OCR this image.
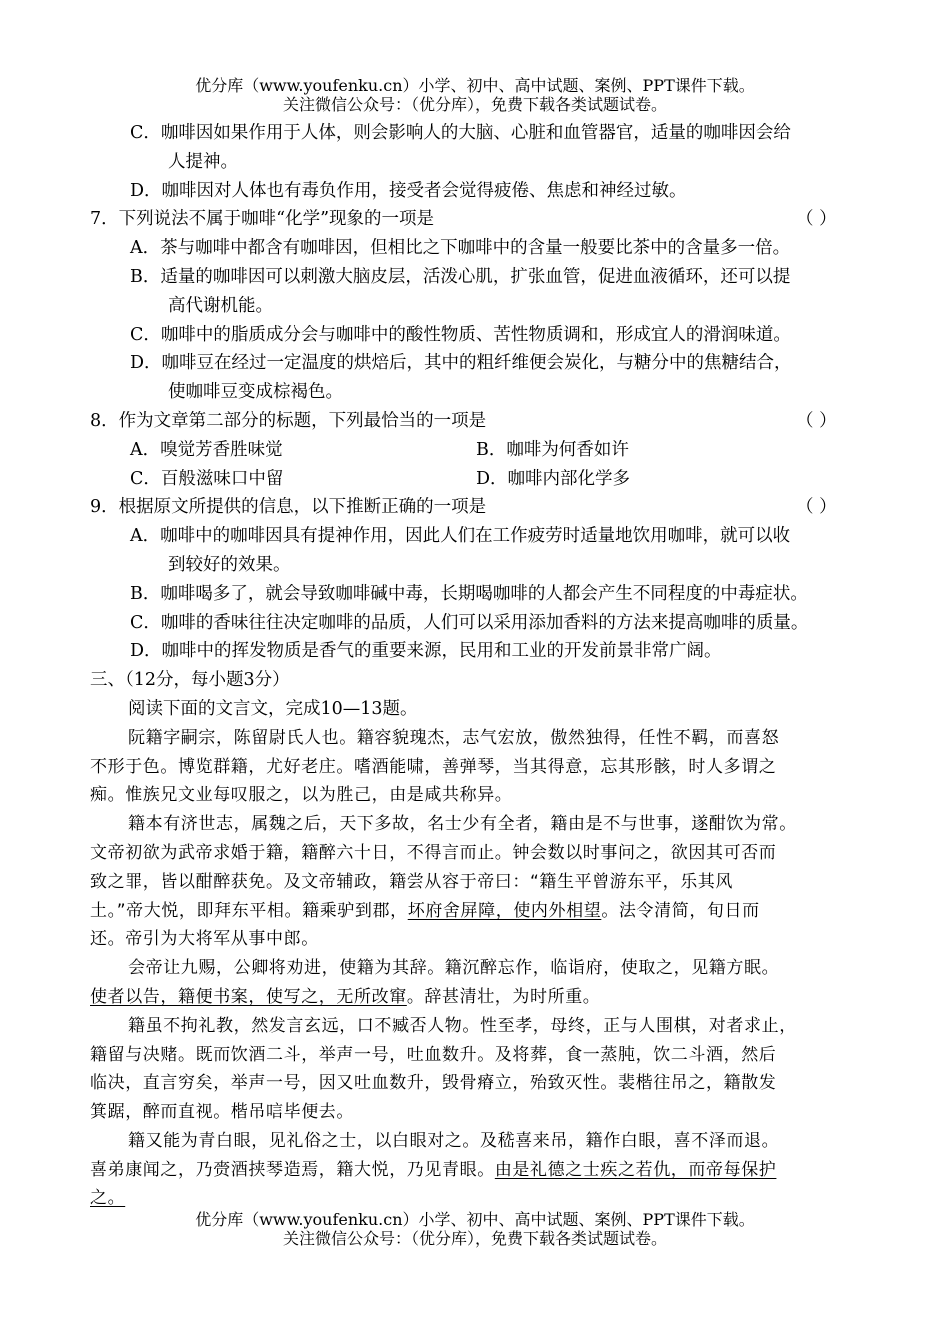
优分库（www.youfenku.cn）小学、初中、高中试题、案例、PPT课件下载。
关注微信公众号：（优分库），免费下载各类试题试卷。
C．咖啡因如果作用于人体，则会影响人的大脑、心脏和血管器官，适量的咖啡因会给
人提神。
D．咖啡因对人体也有毒负作用，接受者会觉得疲倦、焦虑和神经过敏。
7．下列说法不属于咖啡“化学”现象的一项是	（ ）
A．茶与咖啡中都含有咖啡因，但相比之下咖啡中的含量一般要比茶中的含量多一倍。
B．适量的咖啡因可以刺激大脑皮层，活泼心肌，扩张血管，促进血液循环，还可以提
高代谢机能。
C．咖啡中的脂质成分会与咖啡中的酸性物质、苦性物质调和，形成宜人的滑润味道。
D．咖啡豆在经过一定温度的烘焙后，其中的粗纤维便会炭化，与糖分中的焦糖结合，
使咖啡豆变成棕褐色。
8．作为文章第二部分的标题，下列最恰当的一项是	（ ）
A．嗅觉芳香胜味觉	B．咖啡为何香如许
C．百般滋味口中留	D．咖啡内部化学多
9．根据原文所提供的信息，以下推断正确的一项是	（ ）
A．咖啡中的咖啡因具有提神作用，因此人们在工作疲劳时适量地饮用咖啡，就可以收
到较好的效果。
B．咖啡喝多了，就会导致咖啡碱中毒，长期喝咖啡的人都会产生不同程度的中毒症状。
C．咖啡的香味往往决定咖啡的品质，人们可以采用添加香料的方法来提高咖啡的质量。
D．咖啡中的挥发物质是香气的重要来源，民用和工业的开发前景非常广阔。
三、（12分，每小题3分）
阅读下面的文言文，完成10—13题。
阮籍字嗣宗，陈留尉氏人也。籍容貌瑰杰，志气宏放，傲然独得，任性不羁，而喜怒
不形于色。博览群籍，尤好老庄。嗜酒能啸，善弹琴，当其得意，忘其形骸，时人多谓之
痴。惟族兄文业每叹服之，以为胜己，由是咸共称异。
籍本有济世志，属魏之后，天下多故，名士少有全者，籍由是不与世事，遂酣饮为常。
文帝初欲为武帝求婚于籍，籍醉六十日，不得言而止。钟会数以时事问之，欲因其可否而
致之罪，皆以酣醉获免。及文帝辅政，籍尝从容于帝曰：“籍生平曾游东平，乐其风
土。”帝大悦，即拜东平相。籍乘驴到郡，坏府舍屏障，使内外相望。法令清简，旬日而
还。帝引为大将军从事中郎。
会帝让九赐，公卿将劝进，使籍为其辞。籍沉醉忘作，临诣府，使取之，见籍方眠。
使者以告，籍便书案，使写之，无所改窜。辞甚清壮，为时所重。
籍虽不拘礼教，然发言玄远，口不臧否人物。性至孝，母终，正与人围棋，对者求止，
籍留与决赌。既而饮酒二斗，举声一号，吐血数升。及将葬，食一蒸肫，饮二斗酒，然后
临决，直言穷矣，举声一号，因又吐血数升，毁骨瘠立，殆致灭性。裴楷往吊之，籍散发
箕踞，醉而直视。楷吊唁毕便去。
籍又能为青白眼，见礼俗之士，以白眼对之。及嵇喜来吊，籍作白眼，喜不泽而退。
喜弟康闻之，乃赍酒挟琴造焉，籍大悦，乃见青眼。由是礼德之士疾之若仇，而帝每保护
之。
优分库（www.youfenku.cn）小学、初中、高中试题、案例、PPT课件下载。
关注微信公众号：（优分库），免费下载各类试题试卷。
